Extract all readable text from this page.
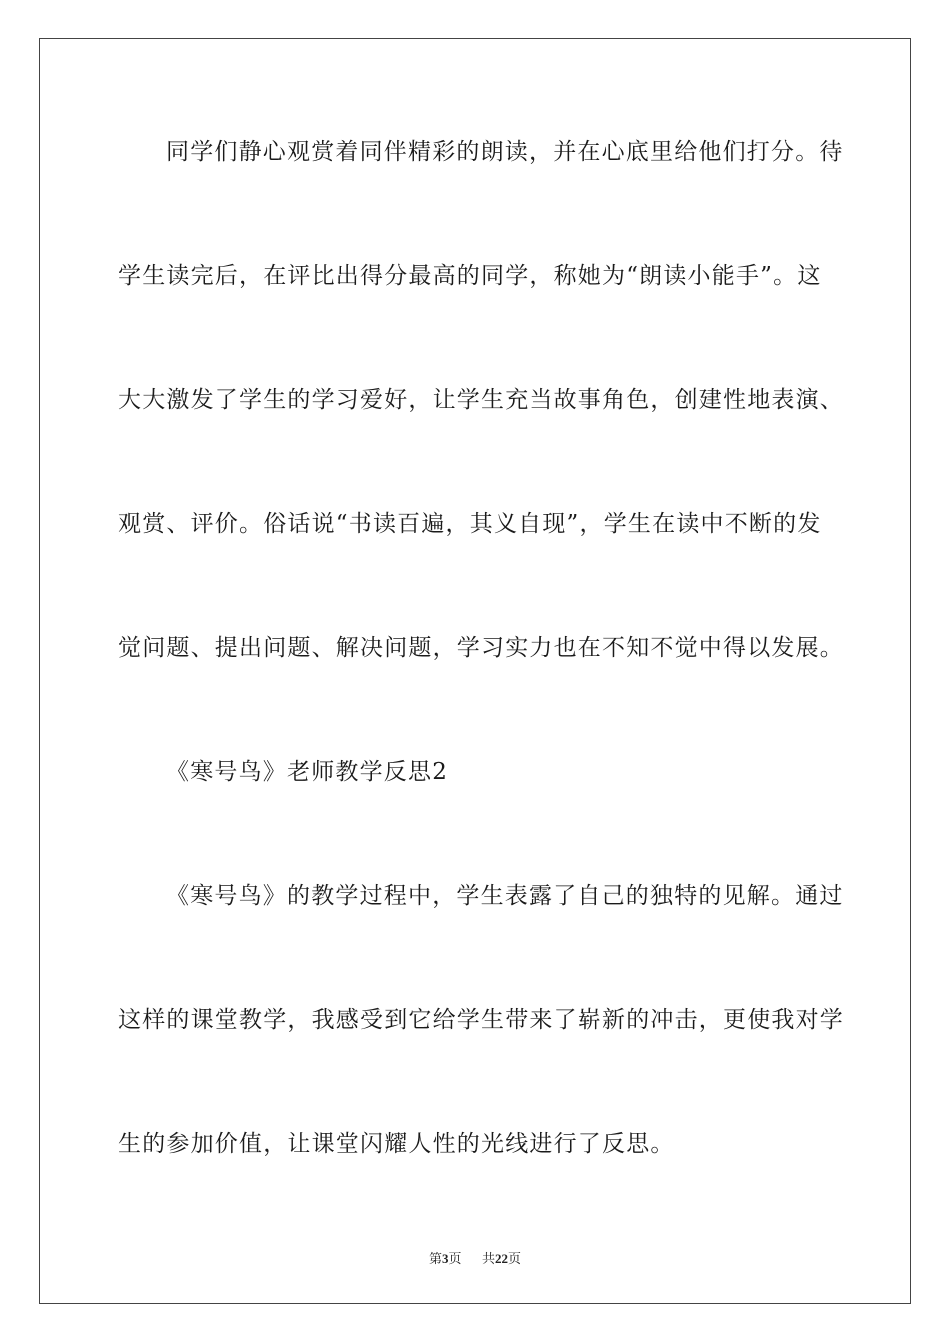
同学们静心观赏着同伴精彩的朗读，并在心底里给他们打分。待
学生读完后，在评比出得分最高的同学，称她为“朗读小能手”。这
大大激发了学生的学习爱好，让学生充当故事角色，创建性地表演、
观赏、评价。俗话说“书读百遍，其义自现”，学生在读中不断的发
觉问题、提出问题、解决问题，学习实力也在不知不觉中得以发展。
《寒号鸟》老师教学反思2
《寒号鸟》的教学过程中，学生表露了自己的独特的见解。通过
这样的课堂教学，我感受到它给学生带来了崭新的冲击，更使我对学
生的参加价值，让课堂闪耀人性的光线进行了反思。
第3页 共22页
